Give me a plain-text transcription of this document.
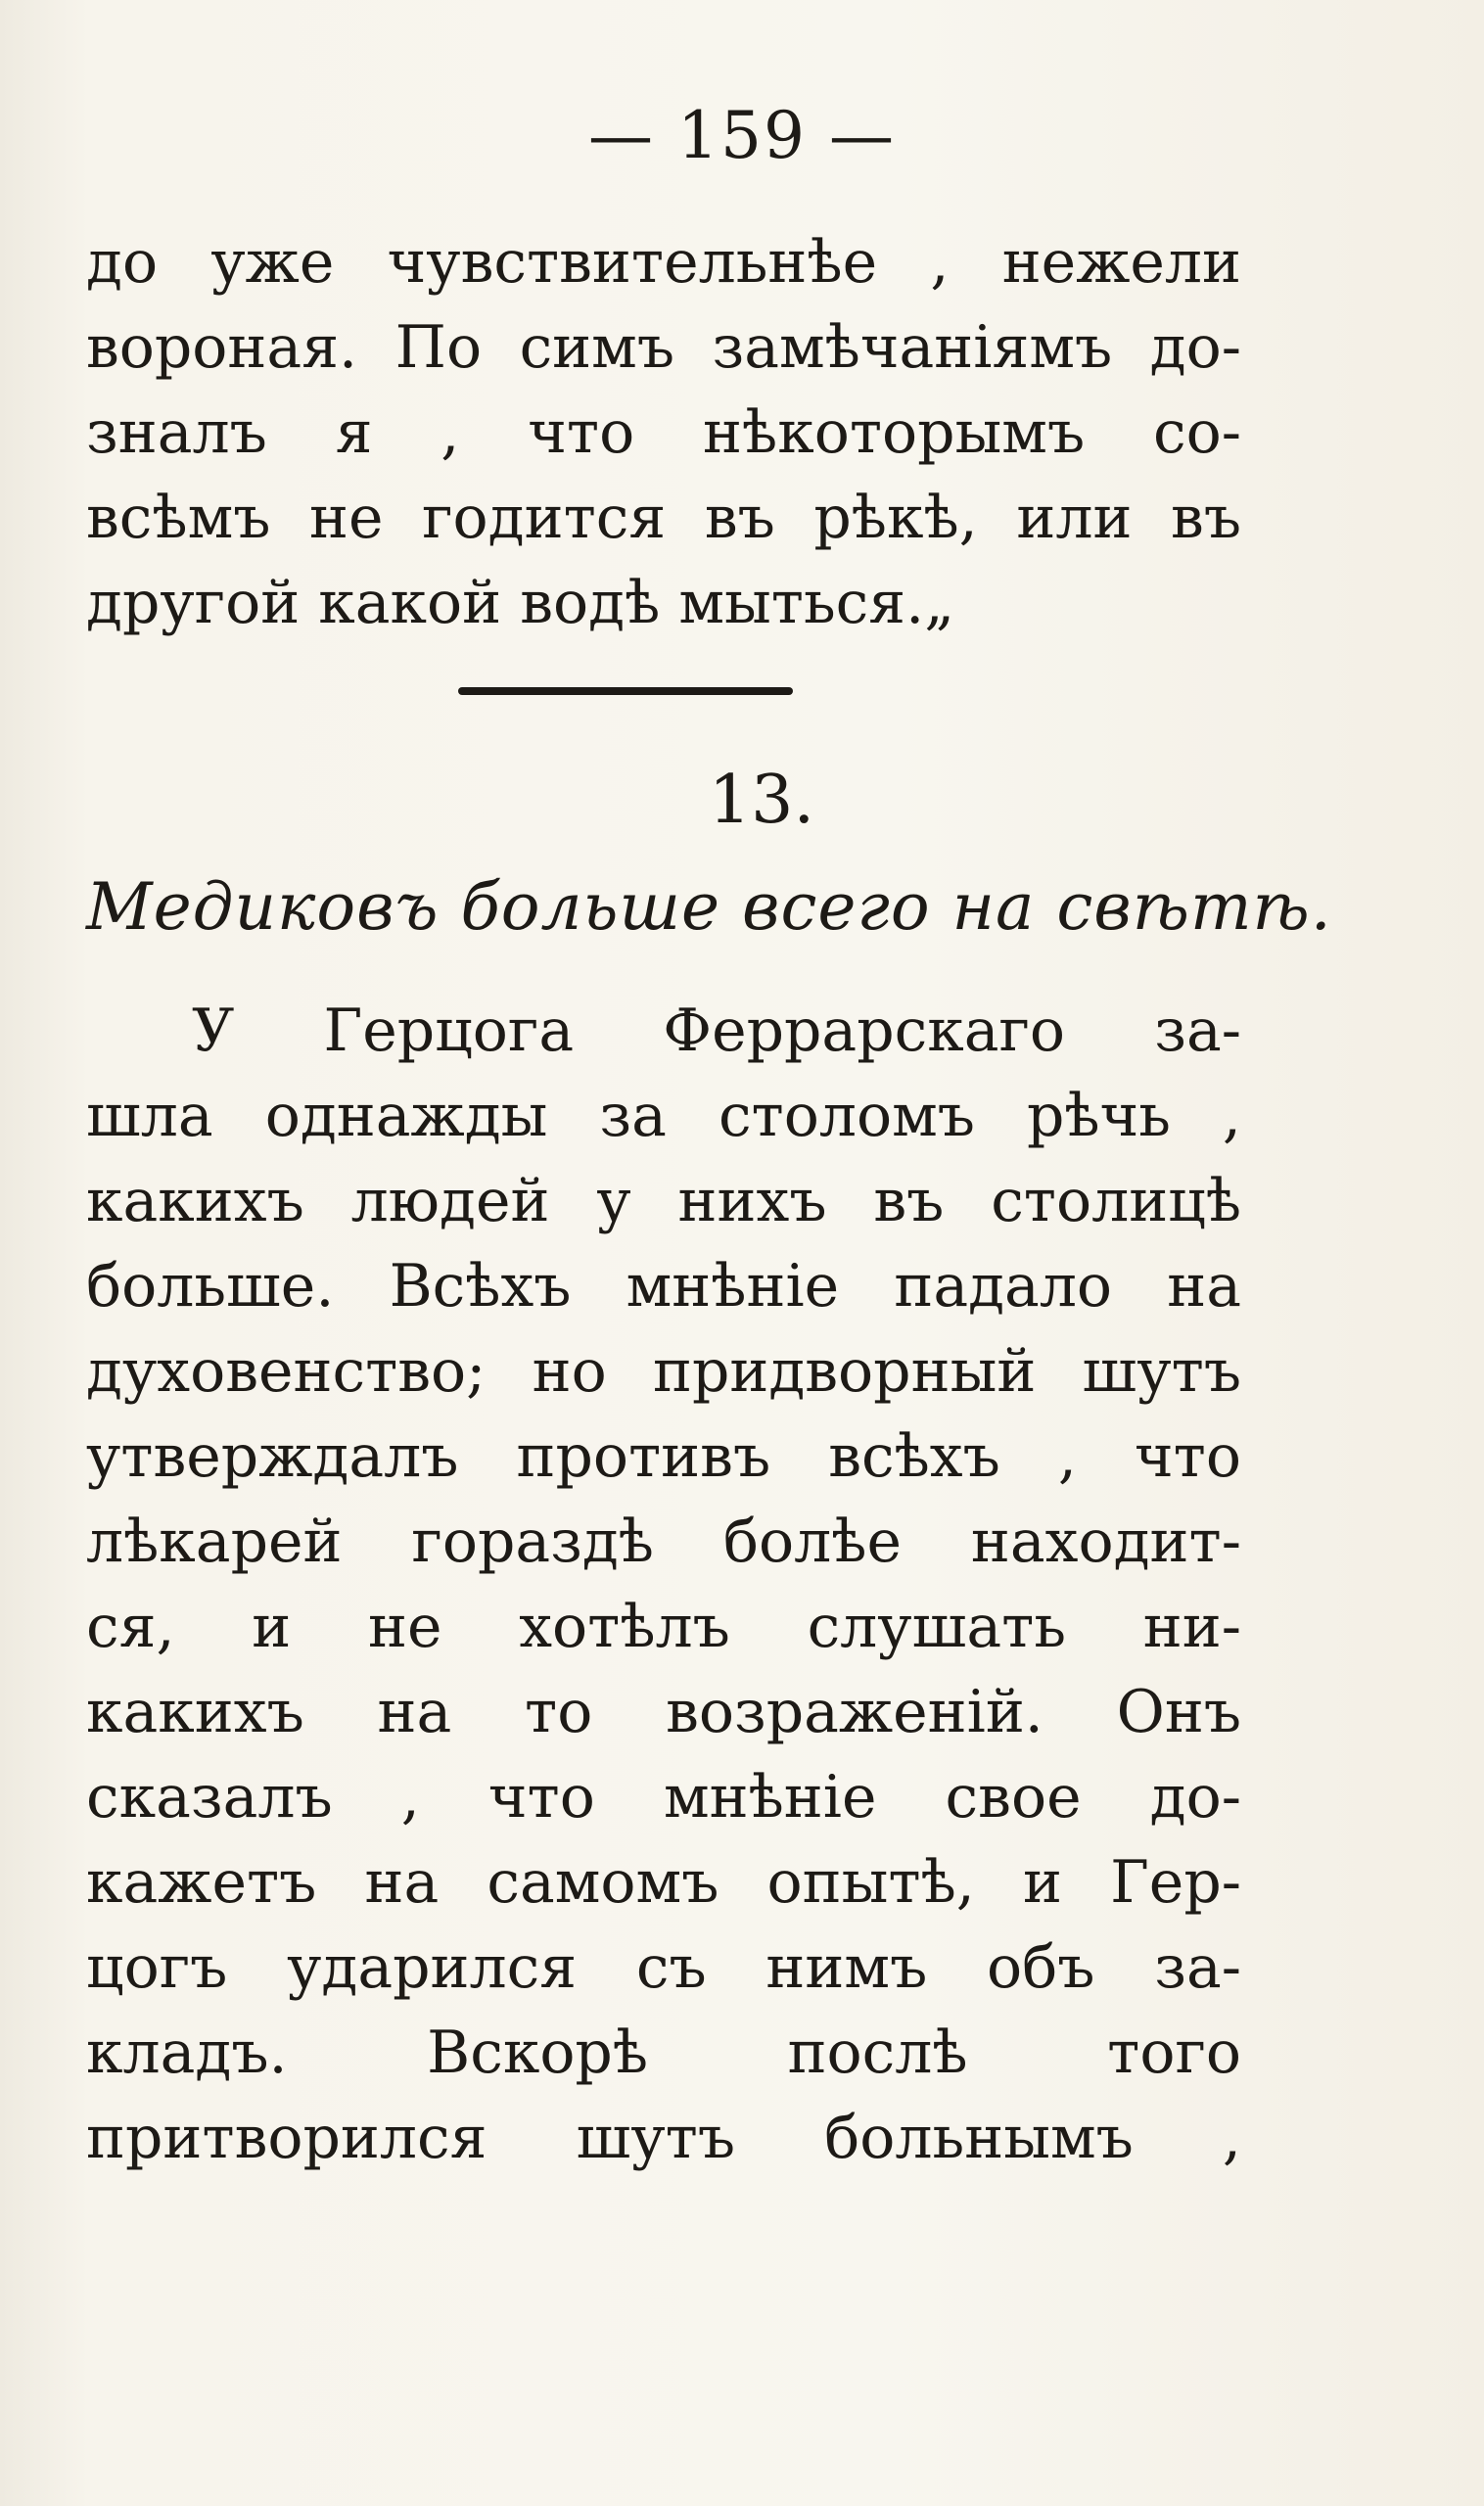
— 159 —
до уже чувствительнѣе , нежели
вороная. По симъ замѣчанiямъ до-
зналъ я , что нѣкоторымъ со-
всѣмъ не годится въ рѣкѣ, или въ
другой какой водѣ мыться.„
13.
Медиковъ больше всего на свѣтѣ.
У Герцога Феррарскаго за-
шла однажды за столомъ рѣчь ,
какихъ людей у нихъ въ столицѣ
больше. Всѣхъ мнѣнiе падало на
духовенство; но придворный шутъ
утверждалъ противъ всѣхъ , что
лѣкарей гораздѣ болѣе находит-
ся, и не хотѣлъ слушать ни-
какихъ на то возраженiй. Онъ
сказалъ , что мнѣнiе свое до-
кажетъ на самомъ опытѣ, и Гер-
цогъ ударился съ нимъ объ за-
кладъ. Вскорѣ послѣ того
притворился шутъ больнымъ ,
